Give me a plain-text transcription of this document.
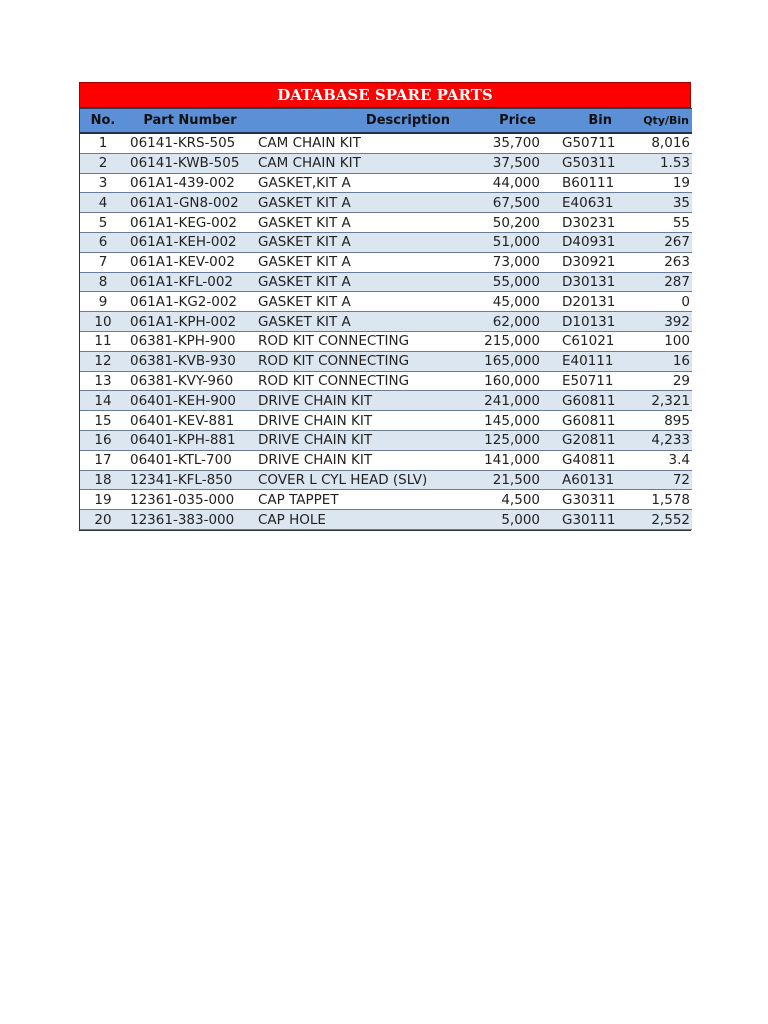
DATABASE SPARE PARTS
No.	Part Number	Description	Price	Bin	Qty/Bin
1	06141-KRS-505	CAM CHAIN KIT	35,700	G50711	8,016
2	06141-KWB-505	CAM CHAIN KIT	37,500	G50311	1.53
3	061A1-439-002	GASKET,KIT A	44,000	B60111	19
4	061A1-GN8-002	GASKET KIT A	67,500	E40631	35
5	061A1-KEG-002	GASKET KIT A	50,200	D30231	55
6	061A1-KEH-002	GASKET KIT A	51,000	D40931	267
7	061A1-KEV-002	GASKET KIT A	73,000	D30921	263
8	061A1-KFL-002	GASKET KIT A	55,000	D30131	287
9	061A1-KG2-002	GASKET KIT A	45,000	D20131	0
10	061A1-KPH-002	GASKET KIT A	62,000	D10131	392
11	06381-KPH-900	ROD KIT CONNECTING	215,000	C61021	100
12	06381-KVB-930	ROD KIT CONNECTING	165,000	E40111	16
13	06381-KVY-960	ROD KIT CONNECTING	160,000	E50711	29
14	06401-KEH-900	DRIVE CHAIN KIT	241,000	G60811	2,321
15	06401-KEV-881	DRIVE CHAIN KIT	145,000	G60811	895
16	06401-KPH-881	DRIVE CHAIN KIT	125,000	G20811	4,233
17	06401-KTL-700	DRIVE CHAIN KIT	141,000	G40811	3.4
18	12341-KFL-850	COVER L CYL HEAD (SLV)	21,500	A60131	72
19	12361-035-000	CAP TAPPET	4,500	G30311	1,578
20	12361-383-000	CAP HOLE	5,000	G30111	2,552
